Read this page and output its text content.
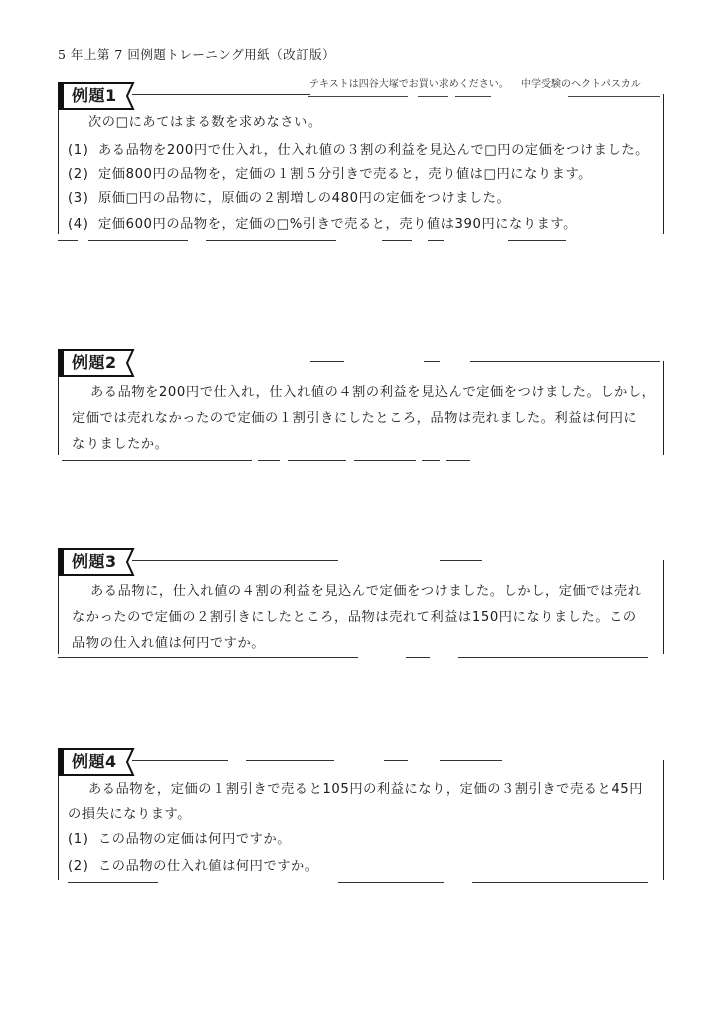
5 年上第 7 回例題トレーニング用紙（改訂版）
テキストは四谷大塚でお買い求めください。 中学受験のヘクトパスカル
例題1
次の□にあてはまる数を求めなさい。
(1) ある品物を200円で仕入れ，仕入れ値の３割の利益を見込んで□円の定価をつけました。
(2) 定価800円の品物を，定価の１割５分引きで売ると，売り値は□円になります。
(3) 原価□円の品物に，原価の２割増しの480円の定価をつけました。
(4) 定価600円の品物を，定価の□%引きで売ると，売り値は390円になります。
例題2
ある品物を200円で仕入れ，仕入れ値の４割の利益を見込んで定価をつけました。しかし，
定価では売れなかったので定価の１割引きにしたところ，品物は売れました。利益は何円に
なりましたか。
例題3
ある品物に，仕入れ値の４割の利益を見込んで定価をつけました。しかし，定価では売れ
なかったので定価の２割引きにしたところ，品物は売れて利益は150円になりました。この
品物の仕入れ値は何円ですか。
例題4
ある品物を，定価の１割引きで売ると105円の利益になり，定価の３割引きで売ると45円
の損失になります。
(1) この品物の定価は何円ですか。
(2) この品物の仕入れ値は何円ですか。
